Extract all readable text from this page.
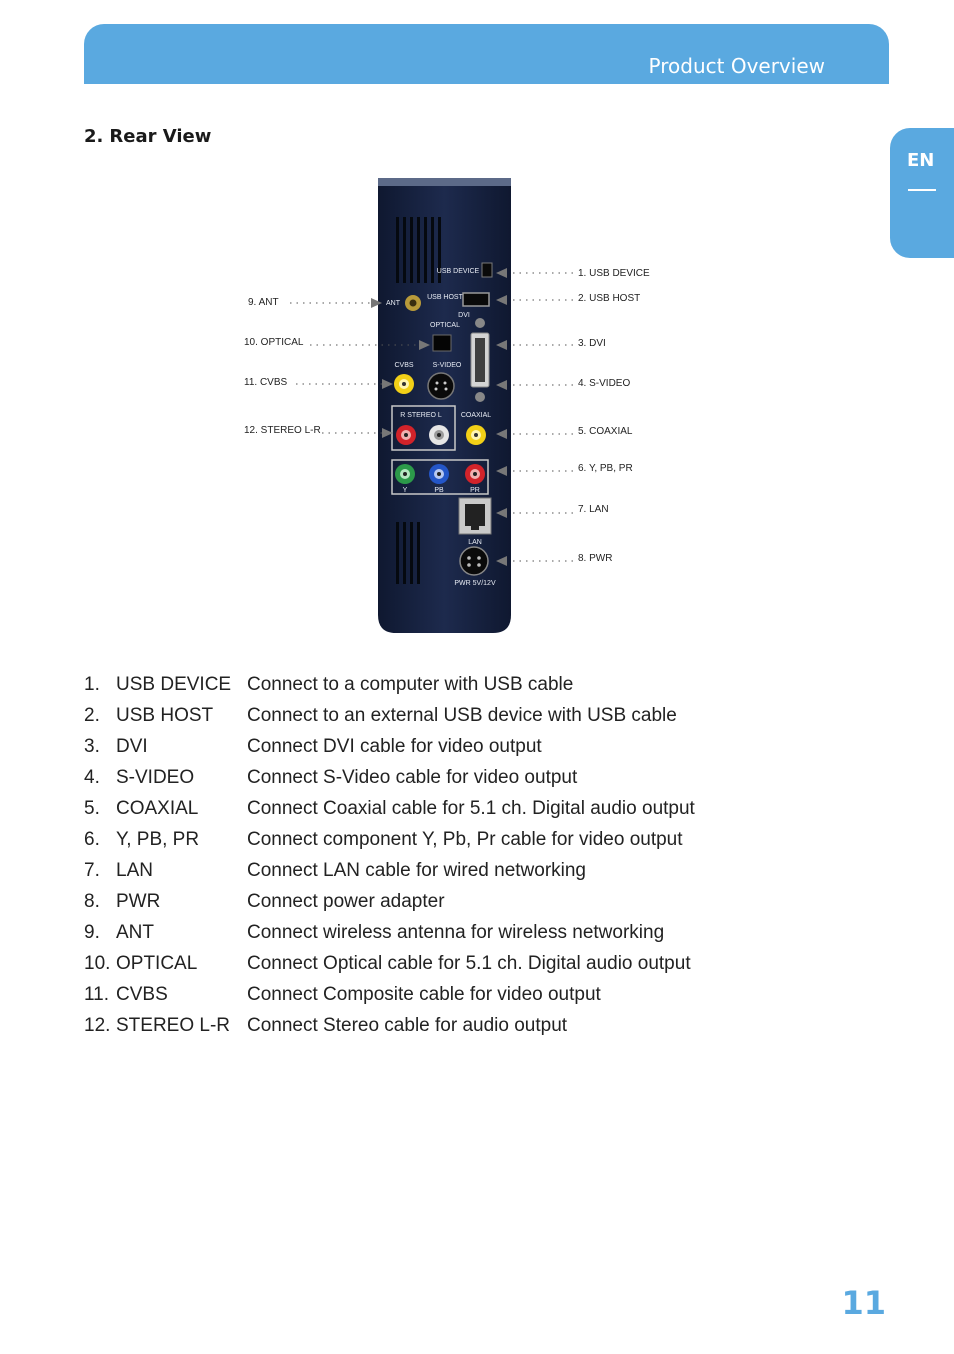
Product Overview
EN
2. Rear View
USB DEVICE
USB HOST
DVI
OPTICAL
ANT
CVBS	S-VIDEO
R STEREO L	COAXIAL
Y	PB	PR
LAN
PWR 5V/12V
1. USB DEVICE
2. USB HOST
3. DVI
4. S-VIDEO
5. COAXIAL
6. Y, PB, PR
7. LAN
8. PWR
9. ANT
10. OPTICAL
11. CVBS
12. STEREO L-R
1. USB DEVICE Connect to a computer with USB cable
2. USB HOST Connect to an external USB device with USB cable
3. DVI	Connect DVI cable for video output
4. S-VIDEO	Connect S-Video cable for video output
5. COAXIAL	Connect Coaxial cable for 5.1 ch. Digital audio output
6. Y, PB, PR	Connect component Y, Pb, Pr cable for video output
7. LAN	Connect LAN cable for wired networking
8. PWR	Connect power adapter
9. ANT	Connect wireless antenna for wireless networking
10. OPTICAL	Connect Optical cable for 5.1 ch. Digital audio output
11. CVBS	Connect Composite cable for video output
12. STEREO L-R Connect Stereo cable for audio output
11
